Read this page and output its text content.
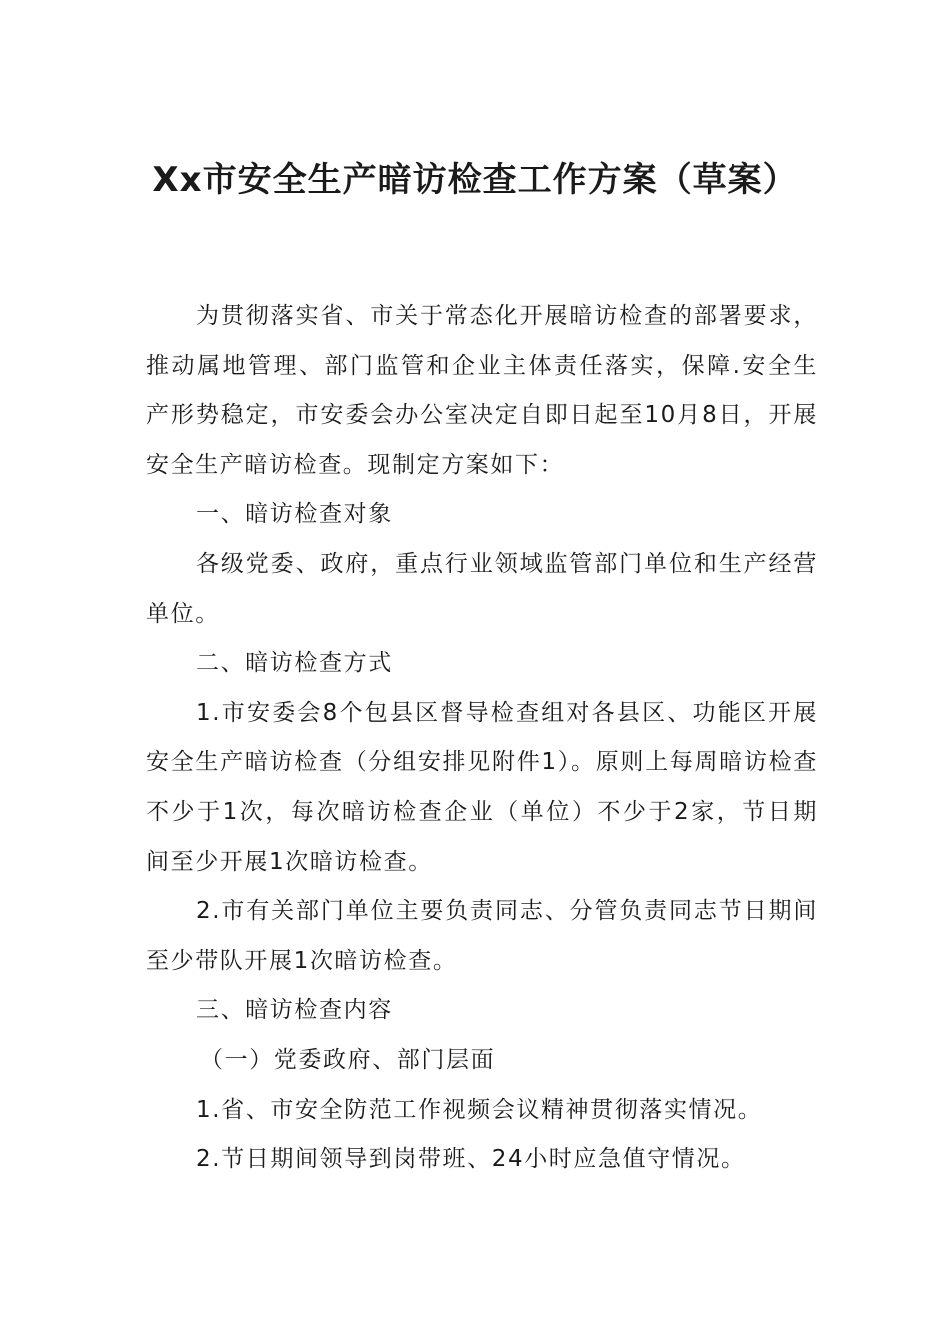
Xx市安全生产暗访检查工作方案（草案）

为贯彻落实省、市关于常态化开展暗访检查的部署要求，推动属地管理、部门监管和企业主体责任落实，保障.安全生产形势稳定，市安委会办公室决定自即日起至10月8日，开展安全生产暗访检查。现制定方案如下：

一、暗访检查对象

各级党委、政府，重点行业领域监管部门单位和生产经营单位。

二、暗访检查方式

1.市安委会8个包县区督导检查组对各县区、功能区开展安全生产暗访检查（分组安排见附件1）。原则上每周暗访检查不少于1次，每次暗访检查企业（单位）不少于2家，节日期间至少开展1次暗访检查。

2.市有关部门单位主要负责同志、分管负责同志节日期间至少带队开展1次暗访检查。

三、暗访检查内容

（一）党委政府、部门层面

1.省、市安全防范工作视频会议精神贯彻落实情况。

2.节日期间领导到岗带班、24小时应急值守情况。
